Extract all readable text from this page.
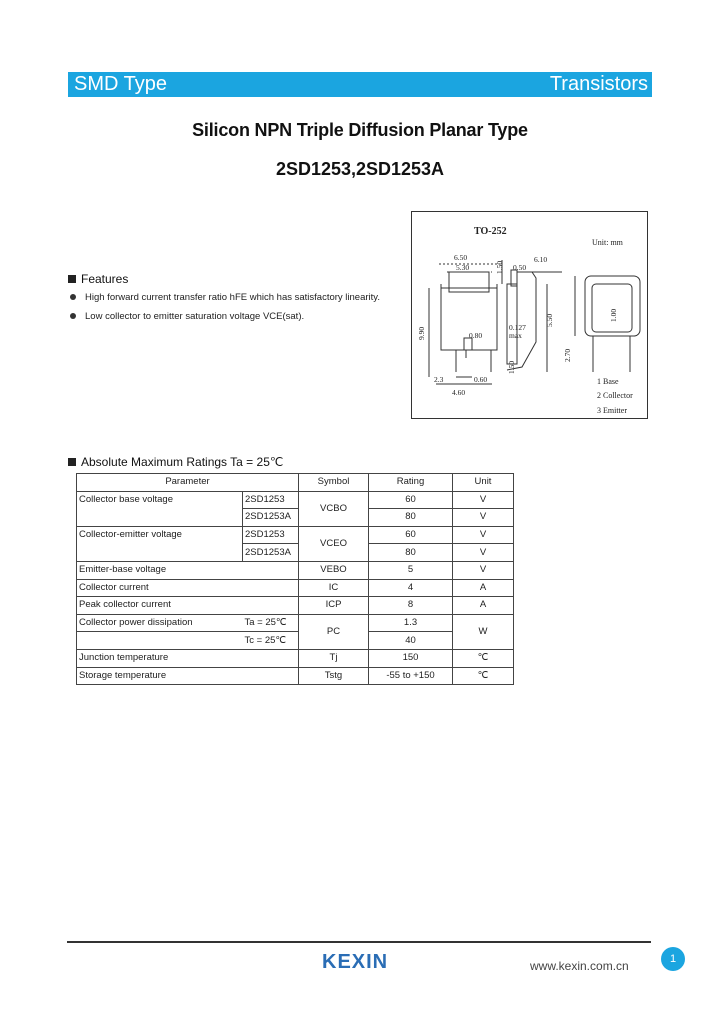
SMD Type	Transistors
Silicon NPN Triple Diffusion Planar Type
2SD1253,2SD1253A
TO-252
Unit: mm
6.50
5.30	1.50
6.10
0.50
9.90	0.80
2.3
4.60
0.127
max
5.50
2.70
1.50
0.60
1.00
1 Base
2 Collector
3 Emitter
Features
High forward current transfer ratio hFE which has satisfactory linearity.
Low collector to emitter saturation voltage VCE(sat).
Absolute Maximum Ratings Ta = 25℃
Parameter		Symbol	Rating	Unit
Collector base voltage	2SD1253	VCBO	60	V
	2SD1253A		80	V
Collector-emitter voltage	2SD1253	VCEO	60	V
	2SD1253A		80	V
Emitter-base voltage		VEBO	5	V
Collector current		IC	4	A
Peak collector current		ICP	8	A
Collector power dissipation	Ta = 25℃	PC	1.3	W
	Tc = 25℃		40	
Junction temperature		Tj	150	℃
Storage temperature		Tstg	-55 to +150	℃
KEXIN	www.kexin.com.cn	1
